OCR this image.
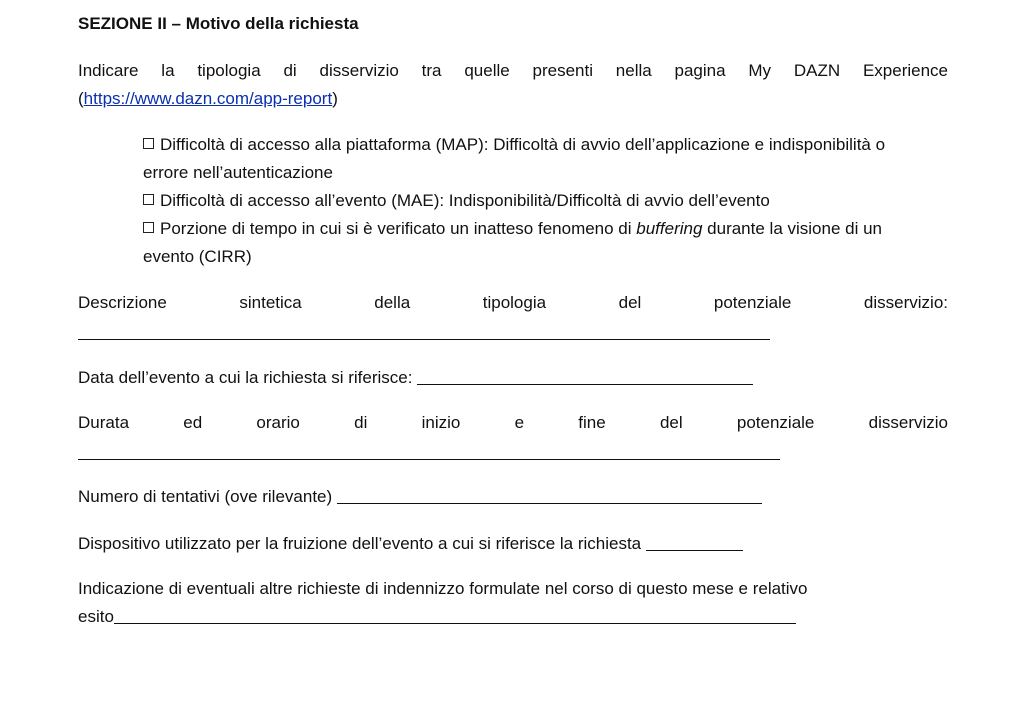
SEZIONE II – Motivo della richiesta
Indicare la tipologia di disservizio tra quelle presenti nella pagina My DAZN Experience
(https://www.dazn.com/app-report)
Difficoltà di accesso alla piattaforma (MAP): Difficoltà di avvio dell’applicazione e indisponibilità o
errore nell’autenticazione
Difficoltà di accesso all’evento (MAE): Indisponibilità/Difficoltà di avvio dell’evento
Porzione di tempo in cui si è verificato un inatteso fenomeno di buffering durante la visione di un
evento (CIRR)
Descrizione sintetica della tipologia del potenziale disservizio:
Data dell’evento a cui la richiesta si riferisce:
Durata ed orario di inizio e fine del potenziale disservizio
Numero di tentativi (ove rilevante)
Dispositivo utilizzato per la fruizione dell’evento a cui si riferisce la richiesta
Indicazione di eventuali altre richieste di indennizzo formulate nel corso di questo mese e relativo
esito
